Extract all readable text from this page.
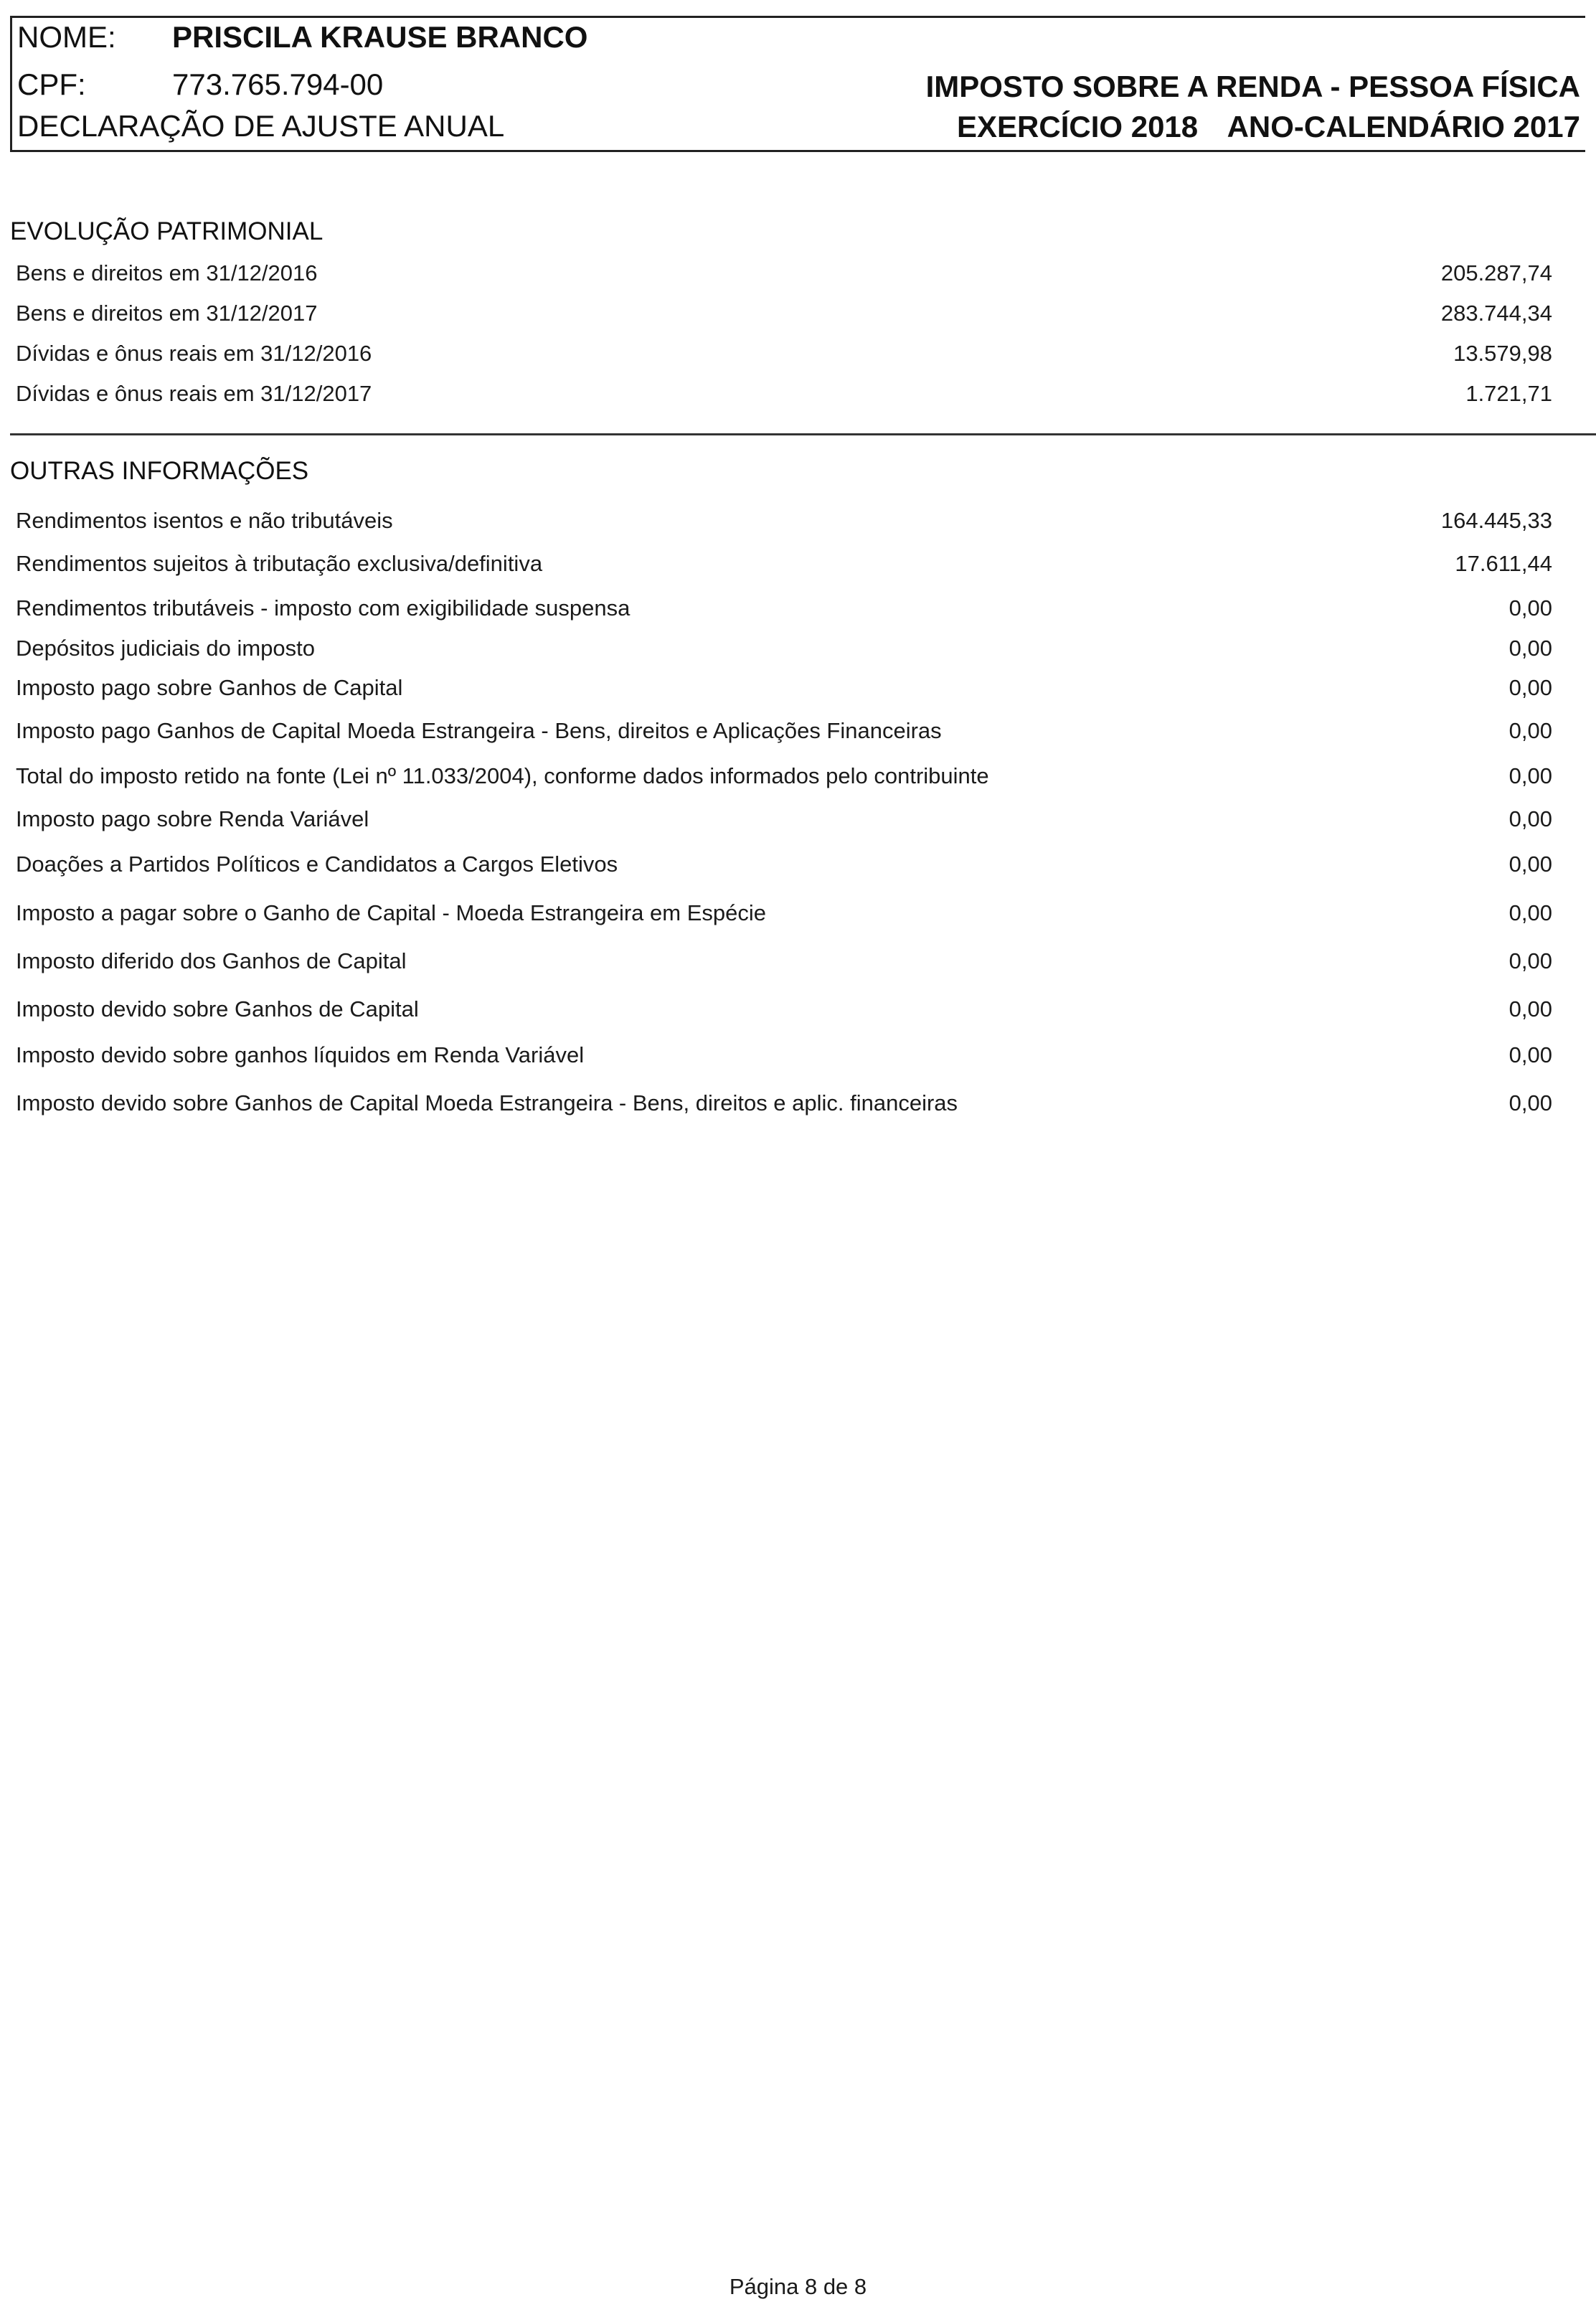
NOME: PRISCILA KRAUSE BRANCO
CPF:	773.765.794-00
DECLARAÇÃO DE AJUSTE ANUAL
IMPOSTO SOBRE A RENDA - PESSOA FÍSICA
EXERCÍCIO 2018 ANO-CALENDÁRIO 2017
EVOLUÇÃO PATRIMONIAL
Bens e direitos em 31/12/2016	205.287,74
Bens e direitos em 31/12/2017	283.744,34
Dívidas e ônus reais em 31/12/2016	13.579,98
Dívidas e ônus reais em 31/12/2017	1.721,71
OUTRAS INFORMAÇÕES
Rendimentos isentos e não tributáveis	164.445,33
Rendimentos sujeitos à tributação exclusiva/definitiva	17.611,44
Rendimentos tributáveis - imposto com exigibilidade suspensa	0,00
Depósitos judiciais do imposto	0,00
Imposto pago sobre Ganhos de Capital	0,00
Imposto pago Ganhos de Capital Moeda Estrangeira - Bens, direitos e Aplicações Financeiras	0,00
Total do imposto retido na fonte (Lei nº 11.033/2004), conforme dados informados pelo contribuinte	0,00
Imposto pago sobre Renda Variável	0,00
Doações a Partidos Políticos e Candidatos a Cargos Eletivos	0,00
Imposto a pagar sobre o Ganho de Capital - Moeda Estrangeira em Espécie	0,00
Imposto diferido dos Ganhos de Capital	0,00
Imposto devido sobre Ganhos de Capital	0,00
Imposto devido sobre ganhos líquidos em Renda Variável	0,00
Imposto devido sobre Ganhos de Capital Moeda Estrangeira - Bens, direitos e aplic. financeiras	0,00
Página 8 de 8
